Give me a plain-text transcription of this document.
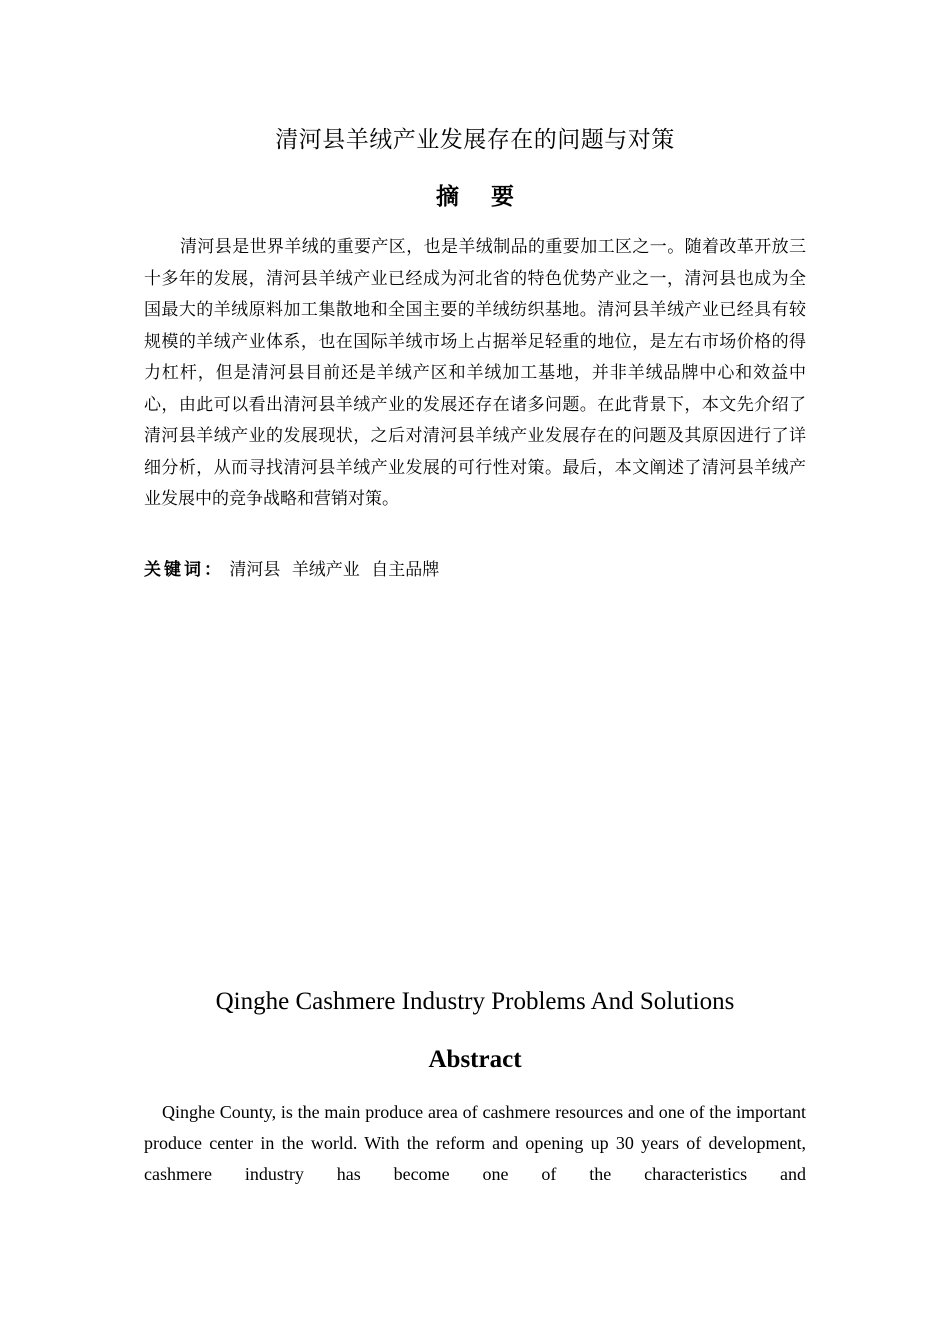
清河县羊绒产业发展存在的问题与对策
摘 要

清河县是世界羊绒的重要产区，也是羊绒制品的重要加工区之一。随着改革开放三十多年的发展，清河县羊绒产业已经成为河北省的特色优势产业之一，清河县也成为全国最大的羊绒原料加工集散地和全国主要的羊绒纺织基地。清河县羊绒产业已经具有较规模的羊绒产业体系，也在国际羊绒市场上占据举足轻重的地位，是左右市场价格的得力杠杆，但是清河县目前还是羊绒产区和羊绒加工基地，并非羊绒品牌中心和效益中心，由此可以看出清河县羊绒产业的发展还存在诸多问题。在此背景下，本文先介绍了清河县羊绒产业的发展现状，之后对清河县羊绒产业发展存在的问题及其原因进行了详细分析，从而寻找清河县羊绒产业发展的可行性对策。最后，本文阐述了清河县羊绒产业发展中的竞争战略和营销对策。

关键词： 清河县 羊绒产业 自主品牌
Qinghe Cashmere Industry Problems And Solutions
Abstract

Qinghe County, is the main produce area of cashmere resources and one of the important produce center in the world. With the reform and opening up 30 years of development, cashmere industry has become one of the characteristics and
